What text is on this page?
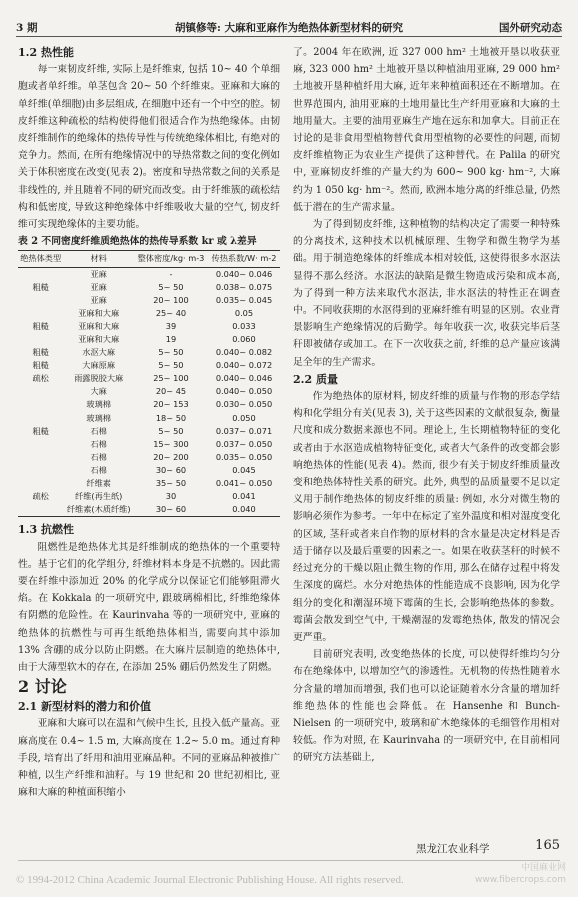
3 期	胡镇修等: 大麻和亚麻作为绝热体新型材料的研究	国外研究动态

1.2 热性能

每一束韧皮纤维, 实际上是纤维束, 包括 10~ 40 个单细胞或者单纤维。单茎包含 20~ 50 个纤维束。亚麻和大麻的单纤维(单细胞)由多层组成, 在细胞中还有一个中空的腔。韧皮纤维这种疏松的结构使得他们很适合作为热绝缘体。由韧皮纤维制作的绝缘体的热传导性与传统绝缘体相比, 有绝对的竞争力。然而, 在所有绝缘情况中的导热常数之间的变化例如关于体积密度在改变(见表 2)。密度和导热常数之间的关系是非线性的, 并且随着不同的研究而改变。由于纤维簇的疏松结构和低密度, 导致这种绝缘体中纤维吸收大量的空气, 韧皮纤维可实现绝缘体的主要功能。

表 2 不同密度纤维质绝热体的热传导系数 kr 或 λ差异

绝热体类型	材料	整体密度/kg· m-3	传热系数/W· m-2
	亚麻	-	0.040~ 0.046
粗糙	亚麻	5~ 50	0.038~ 0.075
	亚麻	20~ 100	0.035~ 0.045
	亚麻和大麻	25~ 40	0.05
粗糙	亚麻和大麻	39	0.033
	亚麻和大麻	19	0.060
粗糙	水沤大麻	5~ 50	0.040~ 0.082
粗糙	大麻原麻	5~ 50	0.040~ 0.072
疏松	雨露脱胶大麻	25~ 100	0.040~ 0.046
	大麻	20~ 45	0.040~ 0.050
	玻璃棉	20~ 153	0.030~ 0.050
	玻璃棉	18~ 50	0.050
粗糙	石棉	5~ 50	0.037~ 0.071
	石棉	15~ 300	0.037~ 0.050
	石棉	20~ 200	0.035~ 0.050
	石棉	30~ 60	0.045
	纤维素	35~ 50	0.041~ 0.050
疏松	纤维(再生纸)	30	0.041
	纤维素(木质纤维)	30~ 60	0.040

1.3 抗燃性

阻燃性是绝热体尤其是纤维制成的绝热体的一个重要特性。基于它们的化学组分, 纤维材料本身是不抗燃的。因此需要在纤维中添加近 20% 的化学成分以保证它们能够阻滞火焰。在 Kokkala 的一项研究中, 跟玻璃棉相比, 纤维绝缘体有阴燃的危险性。在 Kaurinvaha 等的一项研究中, 亚麻的绝热体的抗燃性与可再生纸绝热体相当, 需要向其中添加 13% 含硼的成分以防止阴燃。在大麻片层制造的绝热体中, 由于大薄型软木的存在, 在添加 25% 硼后仍然发生了阴燃。

2 讨论

2.1 新型材料的潜力和价值

亚麻和大麻可以在温和气候中生长, 且投入低产量高。亚麻高度在 0.4~ 1.5 m, 大麻高度在 1.2~ 5.0 m。通过育种手段, 培育出了纤用和油用亚麻品种。不同的亚麻品种被推广种植, 以生产纤维和油籽。与 19 世纪和 20 世纪初相比, 亚麻和大麻的种植面积缩小

了。2004 年在欧洲, 近 327 000 hm² 土地被开垦以收获亚麻, 323 000 hm² 土地被开垦以种植油用亚麻, 29 000 hm² 土地被开垦种植纤用大麻, 近年来种植面积还在不断增加。在世界范围内, 油用亚麻的土地用量比生产纤用亚麻和大麻的土地用量大。主要的油用亚麻生产地在远东和加拿大。目前正在讨论的是非食用型植物替代食用型植物的必要性的问题, 而韧皮纤维植物正为农业生产提供了这种替代。在 Palila 的研究中, 亚麻韧皮纤维的产量大约为 600~ 900 kg· hm⁻², 大麻约为 1 050 kg· hm⁻²。然而, 欧洲本地分离的纤维总量, 仍然低于潜在的生产需求量。

为了得到韧皮纤维, 这种植物的结构决定了需要一种特殊的分离技术, 这种技术以机械原理、生物学和微生物学为基础。用于制造绝缘体的纤维成本相对较低, 这使得很多水沤法显得不那么经济。水沤法的缺陷是微生物造成污染和成本高, 为了得到一种方法来取代水沤法, 非水沤法的特性正在调查中。不同收获期的水沤得到的亚麻纤维有明显的区别。农业背景影响生产绝缘情况的后勤学。每年收获一次, 收获完毕后茎秆即被储存或加工。在下一次收获之前, 纤维的总产量应该满足全年的生产需求。

2.2 质量

作为绝热体的原材料, 韧皮纤维的质量与作物的形态学结构和化学组分有关(见表 3), 关于这些因素的文献很复杂, 衡量尺度和成分数据来源也不同。理论上, 生长期植物特征的变化或者由于水沤造成植物特征变化, 或者大气条件的改变都会影响绝热体的性能(见表 4)。然而, 很少有关于韧皮纤维质量改变和绝热体特性关系的研究。此外, 典型的品质量要不足以定义用于制作绝热体的韧皮纤维的质量: 例如, 水分对微生物的影响必须作为参考。一年中在标定了室外温度和相对湿度变化的区域, 茎秆或者来自作物的原材料的含水量是决定材料是否适于储存以及最后重要的因素之一。如果在收获茎秆的时候不经过充分的干燥以阻止微生物的作用, 那么在储存过程中将发生深度的腐烂。水分对绝热体的性能造成不良影响, 因为化学组分的变化和潮湿环境下霉菌的生长, 会影响绝热体的参数。霉菌会散发到空气中, 干燥潮湿的发霉绝热体, 散发的情况会更严重。

目前研究表明, 改变绝热体的长度, 可以使得纤维均匀分布在绝缘体中, 以增加空气的渗透性。无机物的传热性随着水分含量的增加而增强, 我们也可以论证随着水分含量的增加纤维绝热体的性能也会降低。在 Hansenhe 和 Bunch- Nielsen 的一项研究中, 玻璃和矿木绝缘体的毛细管作用相对较低。作为对照, 在 Kaurinvaha 的一项研究中, 在目前相同的研究方法基础上,

黑龙江农业科学	165
© 1994-2012 China Academic Journal Electronic Publishing House. All rights reserved.
中国麻业网
www.fibercrops.com
